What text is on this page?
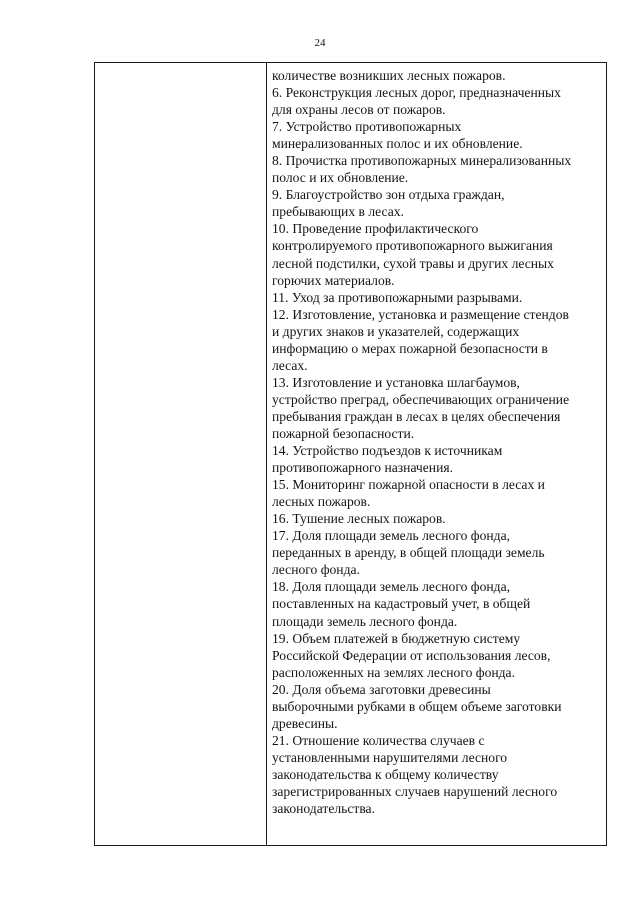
24
количестве возникших лесных пожаров.
6. Реконструкция лесных дорог, предназначенных
для охраны лесов от пожаров.
7. Устройство противопожарных
минерализованных полос и их обновление.
8. Прочистка противопожарных минерализованных
полос и их обновление.
9. Благоустройство зон отдыха граждан,
пребывающих в лесах.
10. Проведение профилактического
контролируемого противопожарного выжигания
лесной подстилки, сухой травы и других лесных
горючих материалов.
11. Уход за противопожарными разрывами.
12. Изготовление, установка и размещение стендов
и других знаков и указателей, содержащих
информацию о мерах пожарной безопасности в
лесах.
13. Изготовление и установка шлагбаумов,
устройство преград, обеспечивающих ограничение
пребывания граждан в лесах в целях обеспечения
пожарной безопасности.
14. Устройство подъездов к источникам
противопожарного назначения.
15. Мониторинг пожарной опасности в лесах и
лесных пожаров.
16. Тушение лесных пожаров.
17. Доля площади земель лесного фонда,
переданных в аренду, в общей площади земель
лесного фонда.
18. Доля площади земель лесного фонда,
поставленных на кадастровый учет, в общей
площади земель лесного фонда.
19. Объем платежей в бюджетную систему
Российской Федерации от использования лесов,
расположенных на землях лесного фонда.
20. Доля объема заготовки древесины
выборочными рубками в общем объеме заготовки
древесины.
21. Отношение количества случаев с
установленными нарушителями лесного
законодательства к общему количеству
зарегистрированных случаев нарушений лесного
законодательства.
